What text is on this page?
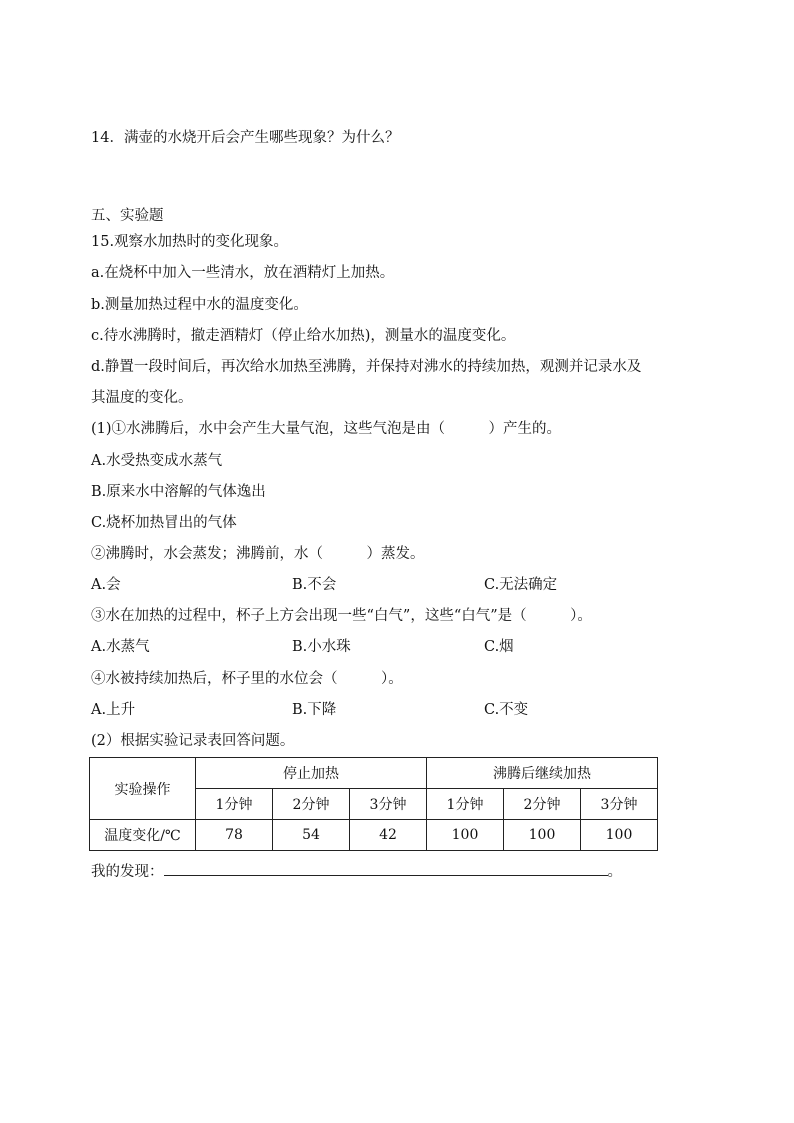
14．满壶的水烧开后会产生哪些现象？为什么？
五、实验题
15.观察水加热时的变化现象。
a.在烧杯中加入一些清水，放在酒精灯上加热。
b.测量加热过程中水的温度变化。
c.待水沸腾时，撤走酒精灯（停止给水加热)，测量水的温度变化。
d.静置一段时间后，再次给水加热至沸腾，并保持对沸水的持续加热，观测并记录水及
其温度的变化。
(1)①水沸腾后，水中会产生大量气泡，这些气泡是由（　　　）产生的。
A.水受热变成水蒸气
B.原来水中溶解的气体逸出
C.烧杯加热冒出的气体
②沸腾时，水会蒸发；沸腾前，水（　　　）蒸发。
A.会	B.不会	C.无法确定
③水在加热的过程中，杯子上方会出现一些“白气”，这些“白气”是（　　　）。
A.水蒸气	B.小水珠	C.烟
④水被持续加热后，杯子里的水位会（　　　）。
A.上升	B.下降	C.不变
(2）根据实验记录表回答问题。
实验操作	停止加热			沸腾后继续加热		
	1分钟	2分钟	3分钟	1分钟	2分钟	3分钟
温度变化/℃	78	54	42	100	100	100
我的发现：	。
